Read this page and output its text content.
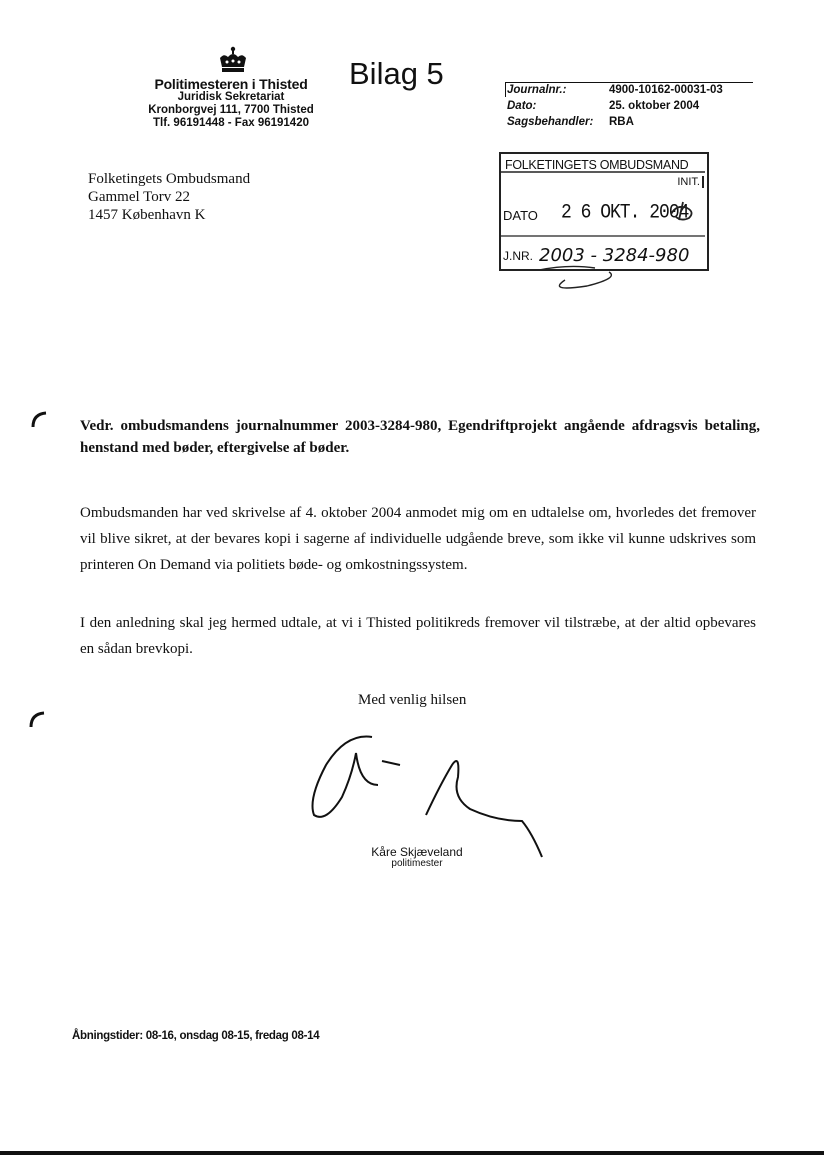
Politimesteren i Thisted
Juridisk Sekretariat
Kronborgvej 111, 7700 Thisted
Tlf. 96191448 - Fax 96191420
Bilag 5	Journalnr.:	4900-10162-00031-03
Dato:	25. oktober 2004
Sagsbehandler: RBA
Folketingets Ombudsmand
Gammel Torv 22
1457 København K
FOLKETINGETS OMBUDSMAND
INIT.
DATO 2 6 OKT. 2004
J.NR. 2003 - 3284-980
Vedr. ombudsmandens journalnummer 2003-3284-980, Egendriftprojekt angående afdragsvis betaling, henstand med bøder, eftergivelse af bøder.
Ombudsmanden har ved skrivelse af 4. oktober 2004 anmodet mig om en udtalelse om, hvorledes det fremover vil blive sikret, at der bevares kopi i sagerne af individuelle udgående breve, som ikke vil kunne udskrives som printeren On Demand via politiets bøde- og omkostningssystem.
I den anledning skal jeg hermed udtale, at vi i Thisted politikreds fremover vil tilstræbe, at der altid opbevares en sådan brevkopi.
Med venlig hilsen
Kåre Skjæveland
politimester
Åbningstider: 08-16, onsdag 08-15, fredag 08-14
